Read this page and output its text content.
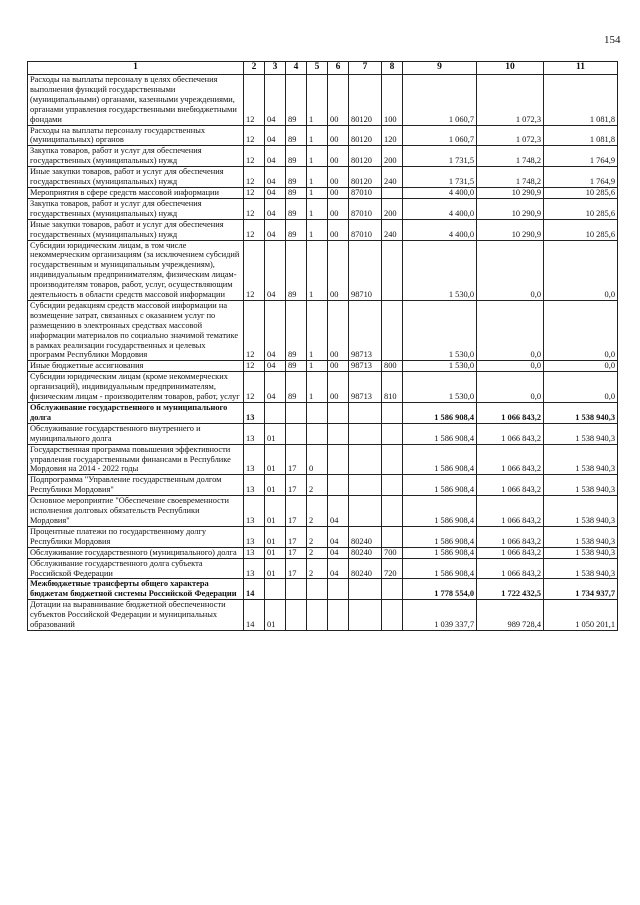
154
1	2	3	4	5	6	7	8	9	10	11
Расходы на выплаты персоналу в целях обеспечения выполнения функций государственными (муниципальными) органами, казенными учреждениями, органами управления государственными внебюджетными фондами	12	04	89	1	00	80120	100	1 060,7	1 072,3	1 081,8
Расходы на выплаты персоналу государственных (муниципальных) органов	12	04	89	1	00	80120	120	1 060,7	1 072,3	1 081,8
Закупка товаров, работ и услуг для обеспечения государственных (муниципальных) нужд	12	04	89	1	00	80120	200	1 731,5	1 748,2	1 764,9
Иные закупки товаров, работ и услуг для обеспечения государственных (муниципальных) нужд	12	04	89	1	00	80120	240	1 731,5	1 748,2	1 764,9
Мероприятия в сфере средств массовой информации	12	04	89	1	00	87010		4 400,0	10 290,9	10 285,6
Закупка товаров, работ и услуг для обеспечения государственных (муниципальных) нужд	12	04	89	1	00	87010	200	4 400,0	10 290,9	10 285,6
Иные закупки товаров, работ и услуг для обеспечения государственных (муниципальных) нужд	12	04	89	1	00	87010	240	4 400,0	10 290,9	10 285,6
Субсидии юридическим лицам, в том числе некоммерческим организациям (за исключением субсидий государственным и муниципальным учреждениям), индивидуальным предпринимателям, физическим лицам-производителям товаров, работ, услуг, осуществляющим деятельность в области средств массовой информации	12	04	89	1	00	98710		1 530,0	0,0	0,0
Субсидии редакциям средств массовой информации на возмещение затрат, связанных с оказанием услуг по размещению в электронных средствах массовой информации материалов по социально значимой тематике в рамках реализации государственных и целевых программ Республики Мордовия	12	04	89	1	00	98713		1 530,0	0,0	0,0
Иные бюджетные ассигнования	12	04	89	1	00	98713	800	1 530,0	0,0	0,0
Субсидии юридическим лицам (кроме некоммерческих организаций), индивидуальным предпринимателям, физическим лицам - производителям товаров, работ, услуг	12	04	89	1	00	98713	810	1 530,0	0,0	0,0
Обслуживание государственного и муниципального долга	13							1 586 908,4	1 066 843,2	1 538 940,3
Обслуживание государственного внутреннего и муниципального долга	13	01						1 586 908,4	1 066 843,2	1 538 940,3
Государственная программа повышения эффективности управления государственными финансами в Республике Мордовия на 2014 - 2022 годы	13	01	17	0				1 586 908,4	1 066 843,2	1 538 940,3
Подпрограмма "Управление государственным долгом Республики Мордовия"	13	01	17	2				1 586 908,4	1 066 843,2	1 538 940,3
Основное мероприятие "Обеспечение своевременности исполнения долговых обязательств Республики Мордовия"	13	01	17	2	04			1 586 908,4	1 066 843,2	1 538 940,3
Процентные платежи по государственному долгу Республики Мордовия	13	01	17	2	04	80240		1 586 908,4	1 066 843,2	1 538 940,3
Обслуживание государственного (муниципального) долга	13	01	17	2	04	80240	700	1 586 908,4	1 066 843,2	1 538 940,3
Обслуживание государственного долга субъекта Российской Федерации	13	01	17	2	04	80240	720	1 586 908,4	1 066 843,2	1 538 940,3
Межбюджетные трансферты общего характера бюджетам бюджетной системы Российской Федерации	14							1 778 554,0	1 722 432,5	1 734 937,7
Дотации на выравнивание бюджетной обеспеченности субъектов Российской Федерации и муниципальных образований	14	01						1 039 337,7	989 728,4	1 050 201,1
